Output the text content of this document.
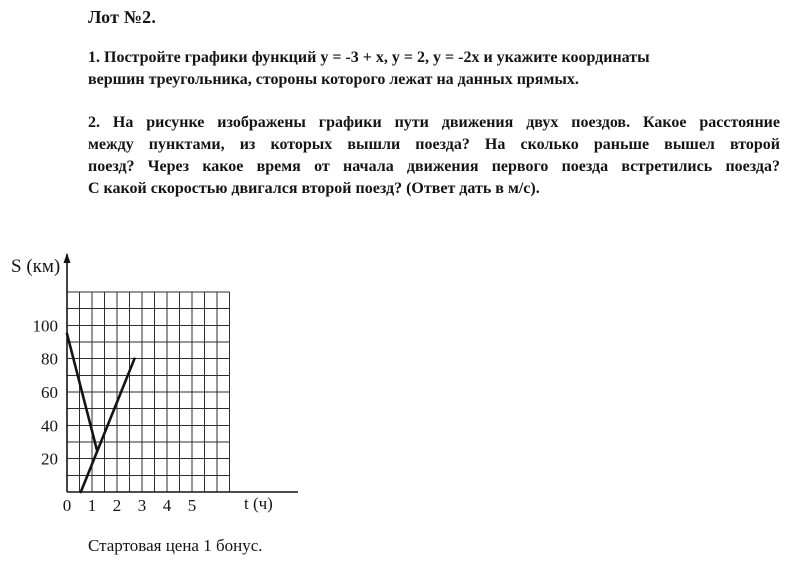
Лот №2.
1. Постройте графики функций y = -3 + x, y = 2, y = -2x и укажите координаты
вершин треугольника, стороны которого лежат на данных прямых.
2. На рисунке изображены графики пути движения двух поездов. Какое расстояние
между пунктами, из которых вышли поезда? На сколько раньше вышел второй
поезд? Через какое время от начала движения первого поезда встретились поезда?
С какой скоростью двигался второй поезд? (Ответ дать в м/с).
20
40
60
80
100
0 1 2 3 4 5
S (км)
t (ч)
Стартовая цена 1 бонус.
